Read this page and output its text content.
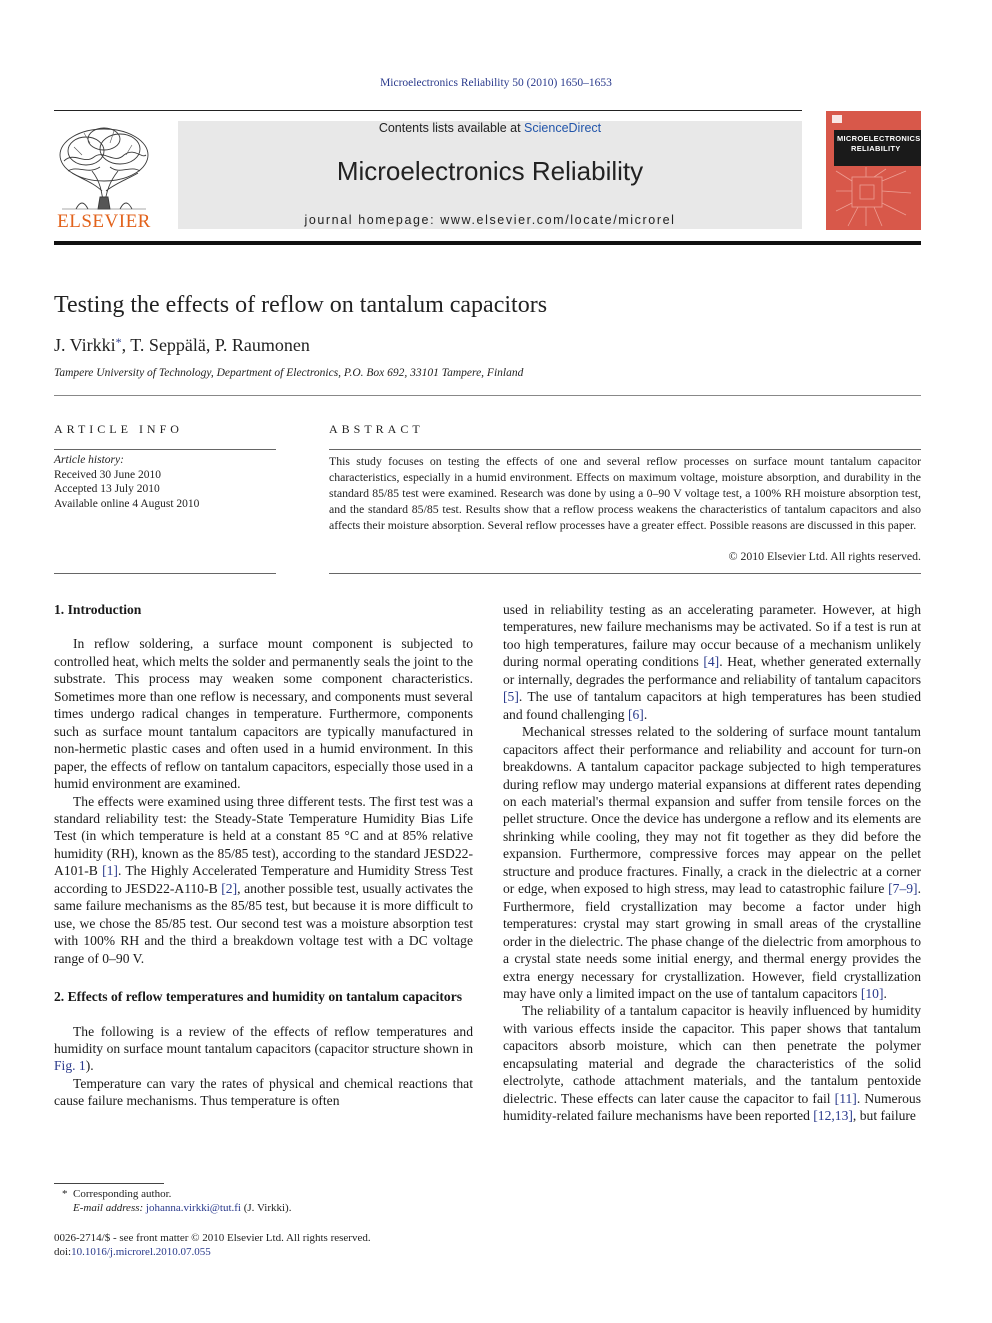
Microelectronics Reliability 50 (2010) 1650–1653
ELSEVIER
Contents lists available at ScienceDirect
Microelectronics Reliability
journal homepage: www.elsevier.com/locate/microrel
MICROELECTRONICS
RELIABILITY
Testing the effects of reflow on tantalum capacitors
J. Virkki*, T. Seppälä, P. Raumonen
Tampere University of Technology, Department of Electronics, P.O. Box 692, 33101 Tampere, Finland
ARTICLE INFO
Article history:
Received 30 June 2010
Accepted 13 July 2010
Available online 4 August 2010
ABSTRACT
This study focuses on testing the effects of one and several reflow processes on surface mount tantalum capacitor characteristics, especially in a humid environment. Effects on maximum voltage, moisture absorption, and durability in the standard 85/85 test were examined. Research was done by using a 0–90 V voltage test, a 100% RH moisture absorption test, and the standard 85/85 test. Results show that a reflow process weakens the characteristics of tantalum capacitors and also affects their moisture absorption. Several reflow processes have a greater effect. Possible reasons are discussed in this paper.
© 2010 Elsevier Ltd. All rights reserved.
1. Introduction

In reflow soldering, a surface mount component is subjected to controlled heat, which melts the solder and permanently seals the joint to the substrate. This process may weaken some component characteristics. Sometimes more than one reflow is necessary, and components must several times undergo radical changes in temperature. Furthermore, components such as surface mount tantalum capacitors are typically manufactured in non-hermetic plastic cases and often used in a humid environment. In this paper, the effects of reflow on tantalum capacitors, especially those used in a humid environment are examined.

The effects were examined using three different tests. The first test was a standard reliability test: the Steady-State Temperature Humidity Bias Life Test (in which temperature is held at a constant 85 °C and at 85% relative humidity (RH), known as the 85/85 test), according to the standard JESD22-A101-B [1]. The Highly Accelerated Temperature and Humidity Stress Test according to JESD22-A110-B [2], another possible test, usually activates the same failure mechanisms as the 85/85 test, but because it is more difficult to use, we chose the 85/85 test. Our second test was a moisture absorption test with 100% RH and the third a breakdown voltage test with a DC voltage range of 0–90 V.

2. Effects of reflow temperatures and humidity on tantalum capacitors

The following is a review of the effects of reflow temperatures and humidity on surface mount tantalum capacitors (capacitor structure shown in Fig. 1).

Temperature can vary the rates of physical and chemical reactions that cause failure mechanisms. Thus temperature is often

used in reliability testing as an accelerating parameter. However, at high temperatures, new failure mechanisms may be activated. So if a test is run at too high temperatures, failure may occur because of a mechanism unlikely during normal operating conditions [4]. Heat, whether generated externally or internally, degrades the performance and reliability of tantalum capacitors [5]. The use of tantalum capacitors at high temperatures has been studied and found challenging [6].

Mechanical stresses related to the soldering of surface mount tantalum capacitors affect their performance and reliability and account for turn-on breakdowns. A tantalum capacitor package subjected to high temperatures during reflow may undergo material expansions at different rates depending on each material's thermal expansion and suffer from tensile forces on the pellet structure. Once the device has undergone a reflow and its elements are shrinking while cooling, they may not fit together as they did before the expansion. Furthermore, compressive forces may appear on the pellet structure and produce fractures. Finally, a crack in the dielectric at a corner or edge, when exposed to high stress, may lead to catastrophic failure [7–9]. Furthermore, field crystallization may become a factor under high temperatures: crystal may start growing in small areas of the crystalline order in the dielectric. The phase change of the dielectric from amorphous to a crystal state needs some initial energy, and thermal energy provides the extra energy necessary for crystallization. However, field crystallization may have only a limited impact on the use of tantalum capacitors [10].

The reliability of a tantalum capacitor is heavily influenced by humidity with various effects inside the capacitor. This paper shows that tantalum capacitors absorb moisture, which can then penetrate the polymer encapsulating material and degrade the characteristics of the solid electrolyte, cathode attachment materials, and the tantalum pentoxide dielectric. These effects can later cause the capacitor to fail [11]. Numerous humidity-related failure mechanisms have been reported [12,13], but failure

* Corresponding author.
E-mail address: johanna.virkki@tut.fi (J. Virkki).
0026-2714/$ - see front matter © 2010 Elsevier Ltd. All rights reserved.
doi:10.1016/j.microrel.2010.07.055
